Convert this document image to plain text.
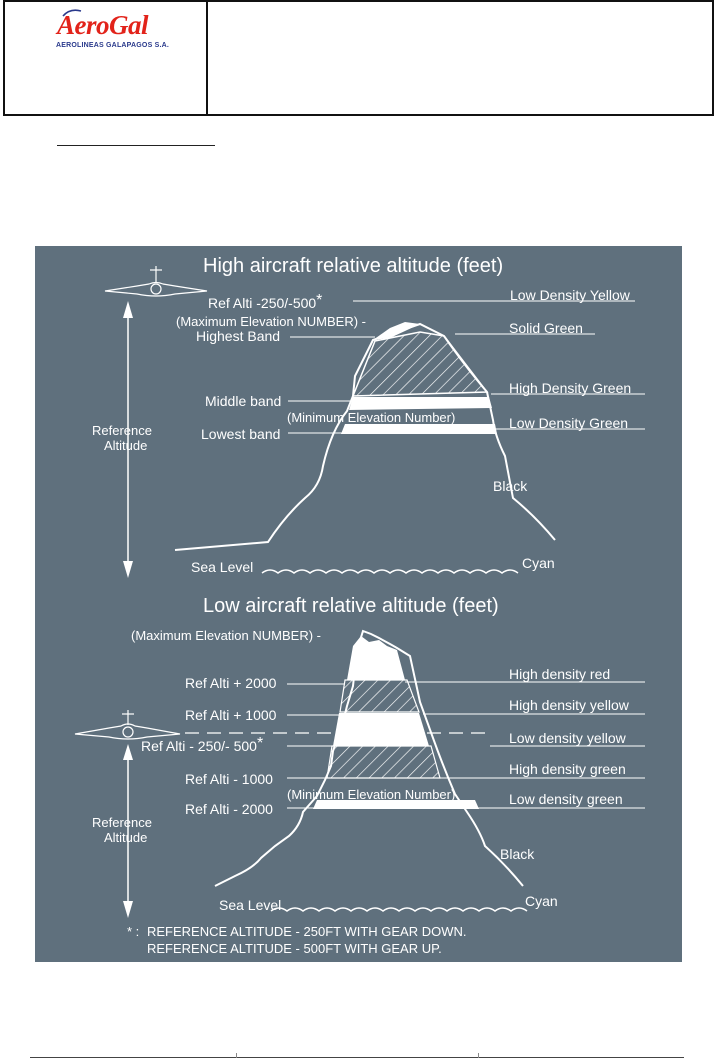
AeroGal
AEROLINEAS GALAPAGOS S.A.
High aircraft relative altitude (feet)
Reference
Altitude
Ref Alti -250/-500*
(Maximum Elevation NUMBER) -
Highest Band
Middle band
(Minimum Elevation Number)
Lowest band
Sea Level
Low Density Yellow
Solid Green
High Density Green
Low Density Green
Black
Cyan
Low aircraft relative altitude (feet)
Reference
Altitude
(Maximum Elevation NUMBER) -
Ref Alti + 2000
Ref Alti + 1000
Ref Alti - 250/- 500*
Ref Alti - 1000
(Minimum Elevation Number)
Ref Alti - 2000
Sea Level
High density red
High density yellow
Low density yellow
High density green
Low density green
Black
Cyan
* : REFERENCE ALTITUDE - 250FT WITH GEAR DOWN.
REFERENCE ALTITUDE - 500FT WITH GEAR UP.
